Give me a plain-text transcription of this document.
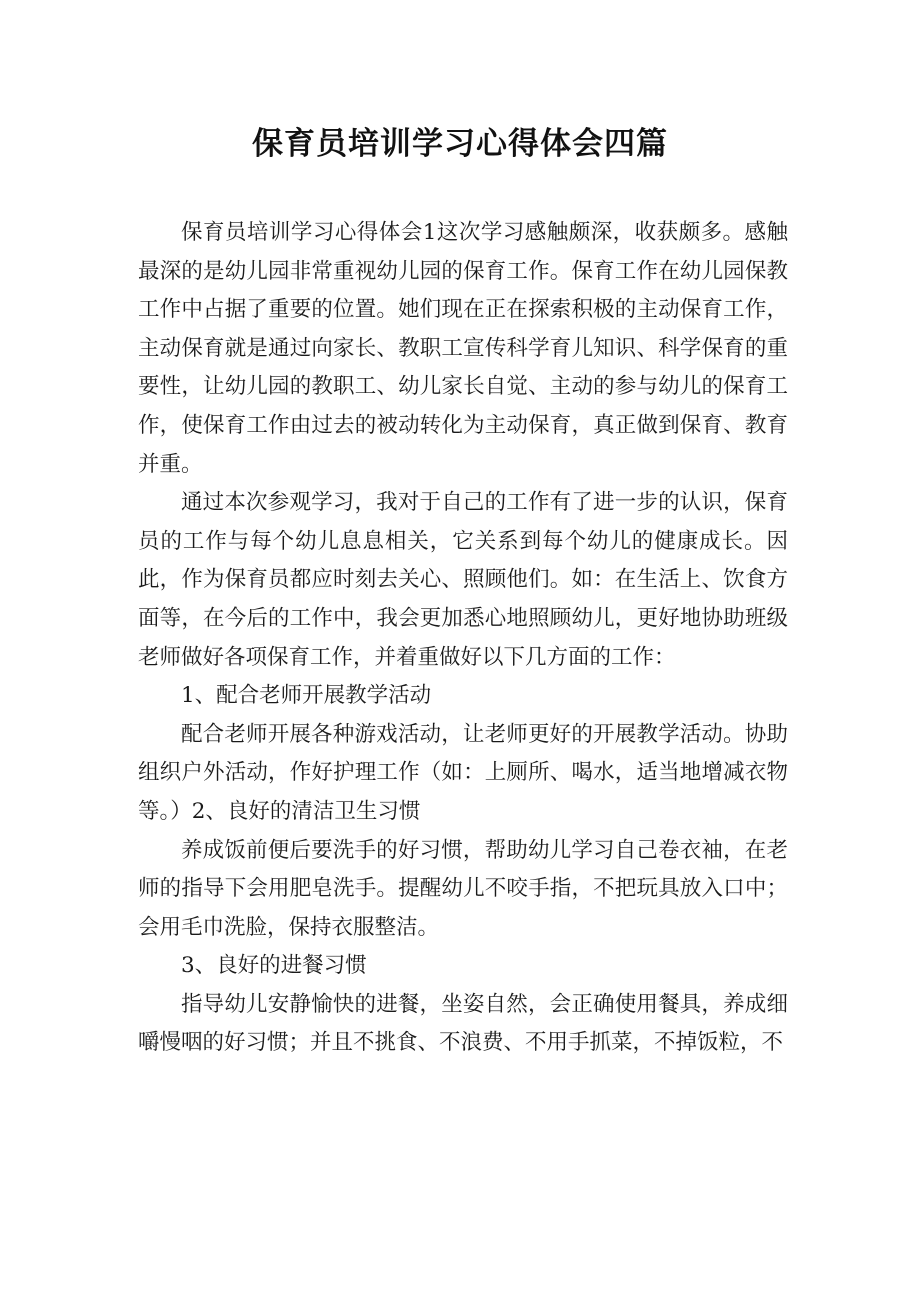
保育员培训学习心得体会四篇

保育员培训学习心得体会1这次学习感触颇深，收获颇多。感触最深的是幼儿园非常重视幼儿园的保育工作。保育工作在幼儿园保教工作中占据了重要的位置。她们现在正在探索积极的主动保育工作，主动保育就是通过向家长、教职工宣传科学育儿知识、科学保育的重要性，让幼儿园的教职工、幼儿家长自觉、主动的参与幼儿的保育工作，使保育工作由过去的被动转化为主动保育，真正做到保育、教育并重。

通过本次参观学习，我对于自己的工作有了进一步的认识，保育员的工作与每个幼儿息息相关，它关系到每个幼儿的健康成长。因此，作为保育员都应时刻去关心、照顾他们。如：在生活上、饮食方面等，在今后的工作中，我会更加悉心地照顾幼儿，更好地协助班级老师做好各项保育工作，并着重做好以下几方面的工作：

1、配合老师开展教学活动

配合老师开展各种游戏活动，让老师更好的开展教学活动。协助组织户外活动，作好护理工作（如：上厕所、喝水，适当地增减衣物等。）2、良好的清洁卫生习惯

养成饭前便后要洗手的好习惯，帮助幼儿学习自己卷衣袖，在老师的指导下会用肥皂洗手。提醒幼儿不咬手指，不把玩具放入口中；会用毛巾洗脸，保持衣服整洁。

3、良好的进餐习惯

指导幼儿安静愉快的进餐，坐姿自然，会正确使用餐具，养成细嚼慢咽的好习惯；并且不挑食、不浪费、不用手抓菜，不掉饭粒，不
